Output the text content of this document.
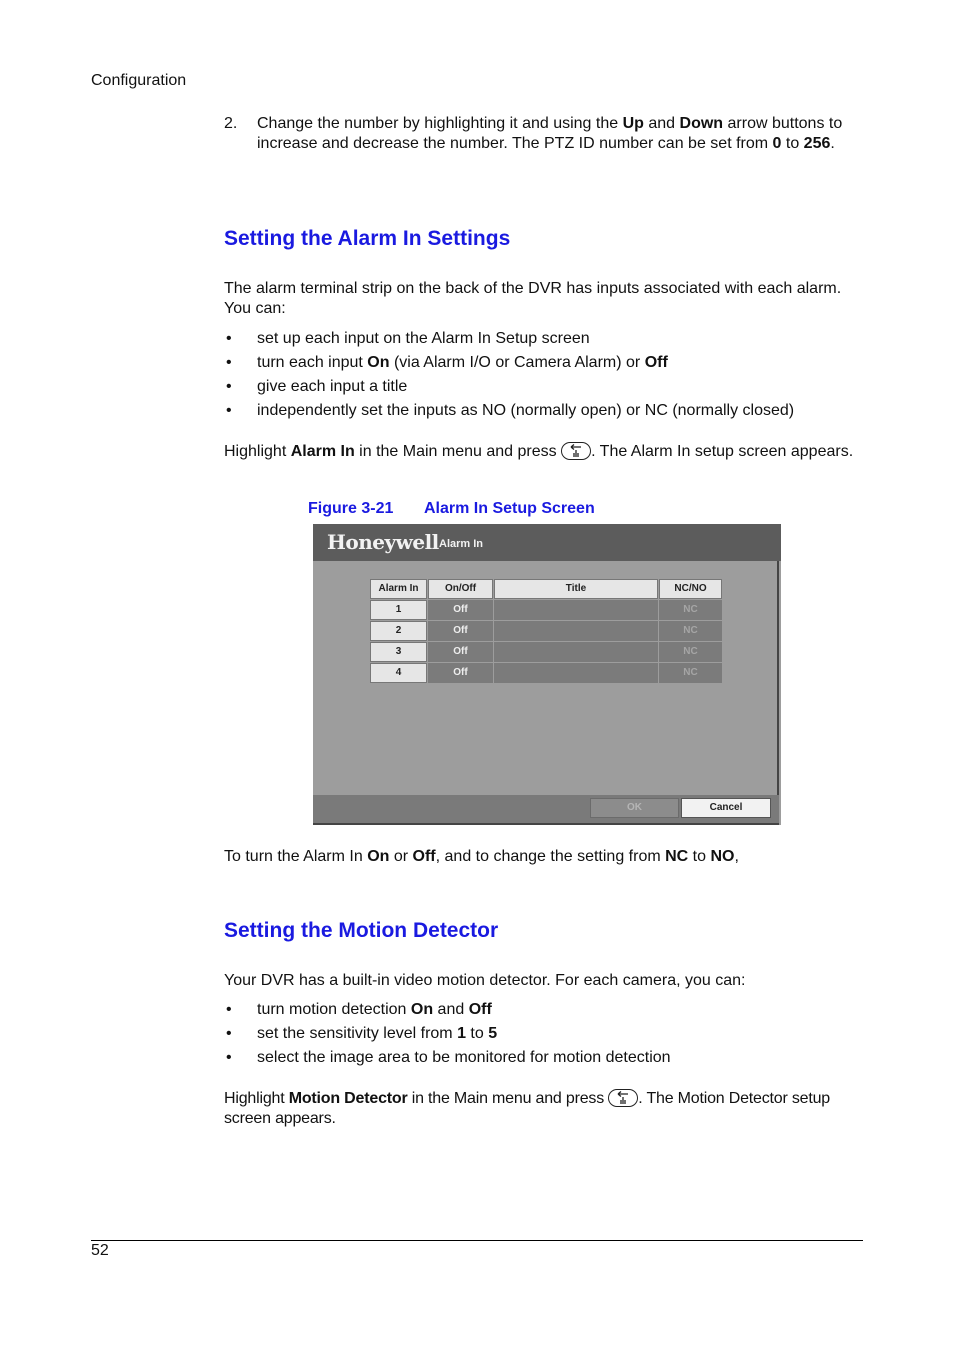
Configuration
2. Change the number by highlighting it and using the Up and Down arrow buttons to increase and decrease the number. The PTZ ID number can be set from 0 to 256.
Setting the Alarm In Settings
The alarm terminal strip on the back of the DVR has inputs associated with each alarm. You can:
• set up each input on the Alarm In Setup screen
• turn each input On (via Alarm I/O or Camera Alarm) or Off
• give each input a title
• independently set the inputs as NO (normally open) or NC (normally closed)
Highlight Alarm In in the Main menu and press
. The Alarm In setup screen appears.
Figure 3-21 Alarm In Setup Screen
Honeywell Alarm In
Alarm In	On/Off	Title	NC/NO
1	Off		NC
2	Off		NC
3	Off		NC
4	Off		NC
OK	Cancel
To turn the Alarm In On or Off, and to change the setting from NC to NO,
Setting the Motion Detector
Your DVR has a built-in video motion detector. For each camera, you can:
• turn motion detection On and Off
• set the sensitivity level from 1 to 5
• select the image area to be monitored for motion detection
Highlight Motion Detector in the Main menu and press
. The Motion Detector setup screen appears.
52
